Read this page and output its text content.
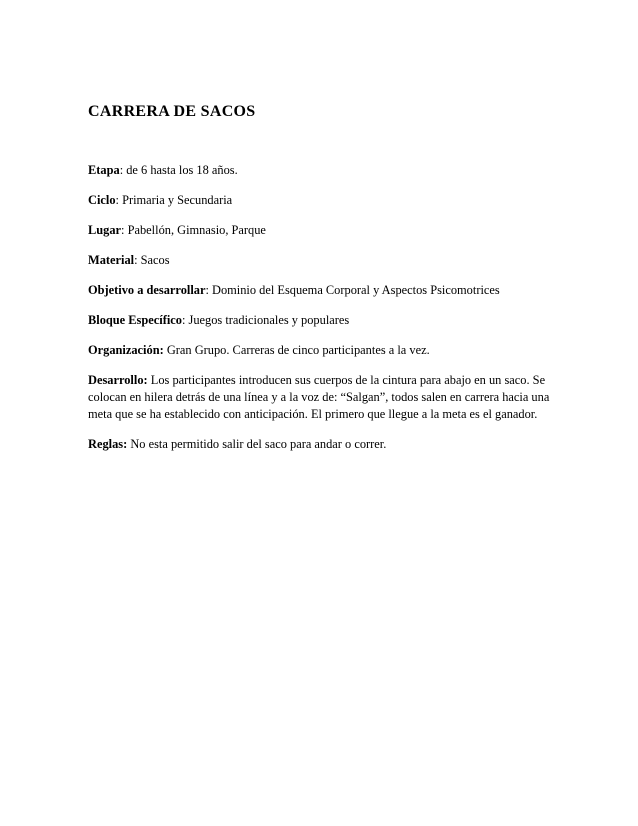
CARRERA DE SACOS
Etapa: de 6 hasta los 18 años.
Ciclo: Primaria y Secundaria
Lugar: Pabellón, Gimnasio, Parque
Material: Sacos
Objetivo a desarrollar: Dominio del Esquema Corporal y Aspectos Psicomotrices
Bloque Específico: Juegos tradicionales y populares
Organización: Gran Grupo. Carreras de cinco participantes a la vez.
Desarrollo: Los participantes introducen sus cuerpos de la cintura para abajo en un saco. Se colocan en hilera detrás de una línea y a la voz de: “Salgan”, todos salen en carrera hacia una meta que se ha establecido con anticipación. El primero que llegue a la meta es el ganador.
Reglas: No esta permitido salir del saco para andar o correr.
